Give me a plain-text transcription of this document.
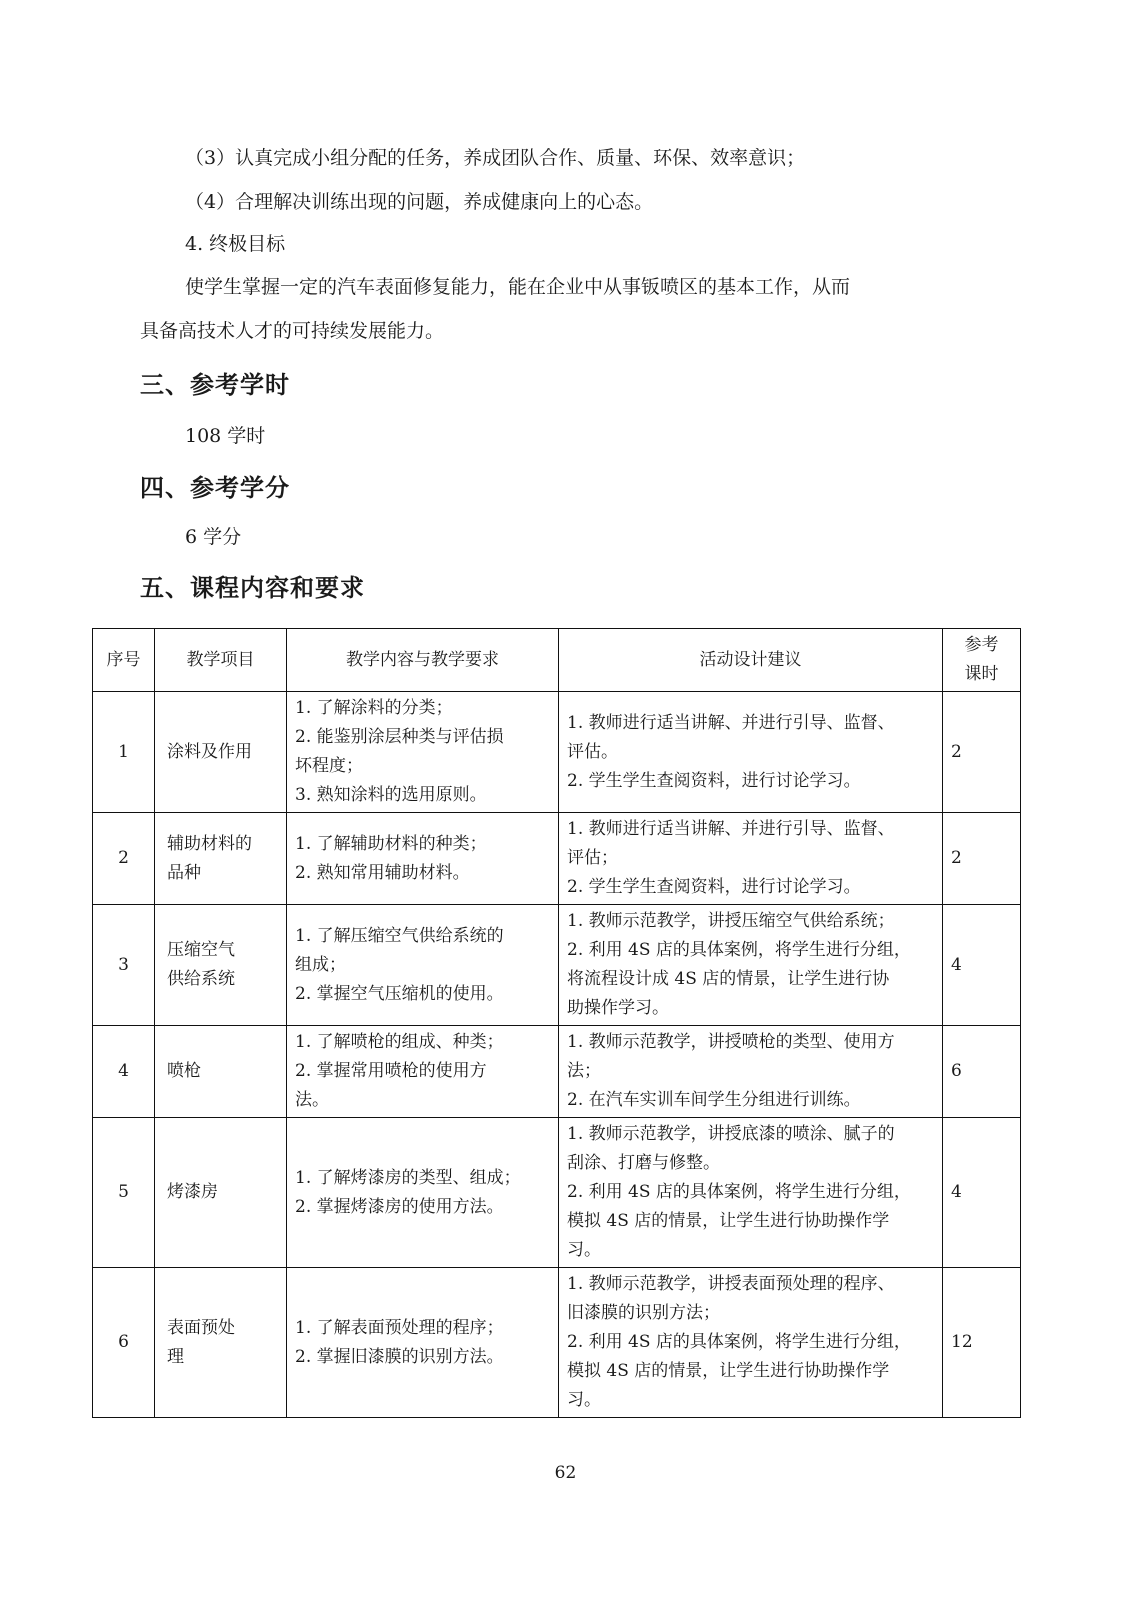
（3）认真完成小组分配的任务，养成团队合作、质量、环保、效率意识；
（4）合理解决训练出现的问题，养成健康向上的心态。
4. 终极目标
使学生掌握一定的汽车表面修复能力，能在企业中从事钣喷区的基本工作，从而
具备高技术人才的可持续发展能力。
三、参考学时
108 学时
四、参考学分
6 学分
五、课程内容和要求
序号	教学项目	教学内容与教学要求	活动设计建议	参考
课时

1	涂料及作用	1. 了解涂料的分类；
2. 能鉴别涂层种类与评估损
坏程度；
3. 熟知涂料的选用原则。	1. 教师进行适当讲解、并进行引导、监督、
评估。
2. 学生学生查阅资料，进行讨论学习。	2
2	辅助材料的
品种	1. 了解辅助材料的种类；
2. 熟知常用辅助材料。	1. 教师进行适当讲解、并进行引导、监督、
评估；
2. 学生学生查阅资料，进行讨论学习。	2
3	压缩空气
供给系统	1. 了解压缩空气供给系统的
组成；
2. 掌握空气压缩机的使用。	1. 教师示范教学，讲授压缩空气供给系统；
2. 利用 4S 店的具体案例，将学生进行分组，
将流程设计成 4S 店的情景，让学生进行协
助操作学习。	4
4	喷枪	1. 了解喷枪的组成、种类；
2. 掌握常用喷枪的使用方
法。	1. 教师示范教学，讲授喷枪的类型、使用方
法；
2. 在汽车实训车间学生分组进行训练。	6
5	烤漆房	1. 了解烤漆房的类型、组成；
2. 掌握烤漆房的使用方法。	1. 教师示范教学，讲授底漆的喷涂、腻子的
刮涂、打磨与修整。
2. 利用 4S 店的具体案例，将学生进行分组，
模拟 4S 店的情景，让学生进行协助操作学
习。	4
6	表面预处
理	1. 了解表面预处理的程序；
2. 掌握旧漆膜的识别方法。	1. 教师示范教学，讲授表面预处理的程序、
旧漆膜的识别方法；
2. 利用 4S 店的具体案例，将学生进行分组，
模拟 4S 店的情景，让学生进行协助操作学
习。	12
62
